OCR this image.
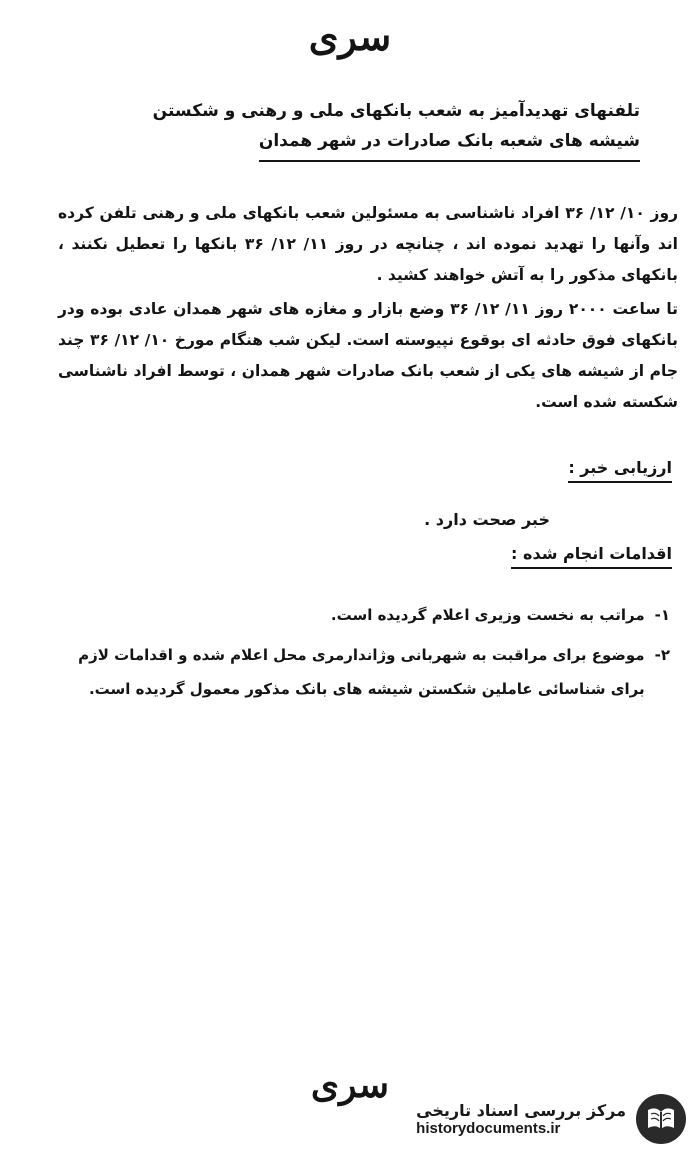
سری
تلفنهای تهدیدآمیز به شعب بانکهای ملی و رهنی و شکستن
شیشه های شعبه بانک صادرات در شهر همدان

روز ۱۰/ ۱۲/ ۳۶ افراد ناشناسی به مسئولین شعب بانکهای ملی و رهنی تلفن کرده اند وآنها را تهدید نموده اند ، چنانچه در روز ۱۱/ ۱۲/ ۳۶ بانکها را تعطیل نکنند ، بانکهای مذکور را به آتش خواهند کشید .

تا ساعت ۲۰۰۰ روز ۱۱/ ۱۲/ ۳۶ وضع بازار و مغازه های شهر همدان عادی بوده ودر بانکهای فوق حادثه ای بوقوع نپیوسته است. لیکن شب هنگام مورخ ۱۰/ ۱۲/ ۳۶ چند جام از شیشه های یکی از شعب بانک صادرات شهر همدان ، توسط افراد ناشناسی شکسته شده است.

ارزیابی خبر :
خبر صحت دارد .
اقدامات انجام شده :
۱-
مراتب به نخست وزیری اعلام گردیده است.
۲-
موضوع برای مراقبت به شهربانی وژاندارمری محل اعلام شده و اقدامات لازم برای شناسائی عاملین شکستن شیشه های بانک مذکور معمول گردیده است.
سری
مرکز بررسی اسناد تاریخی
historydocuments.ir
